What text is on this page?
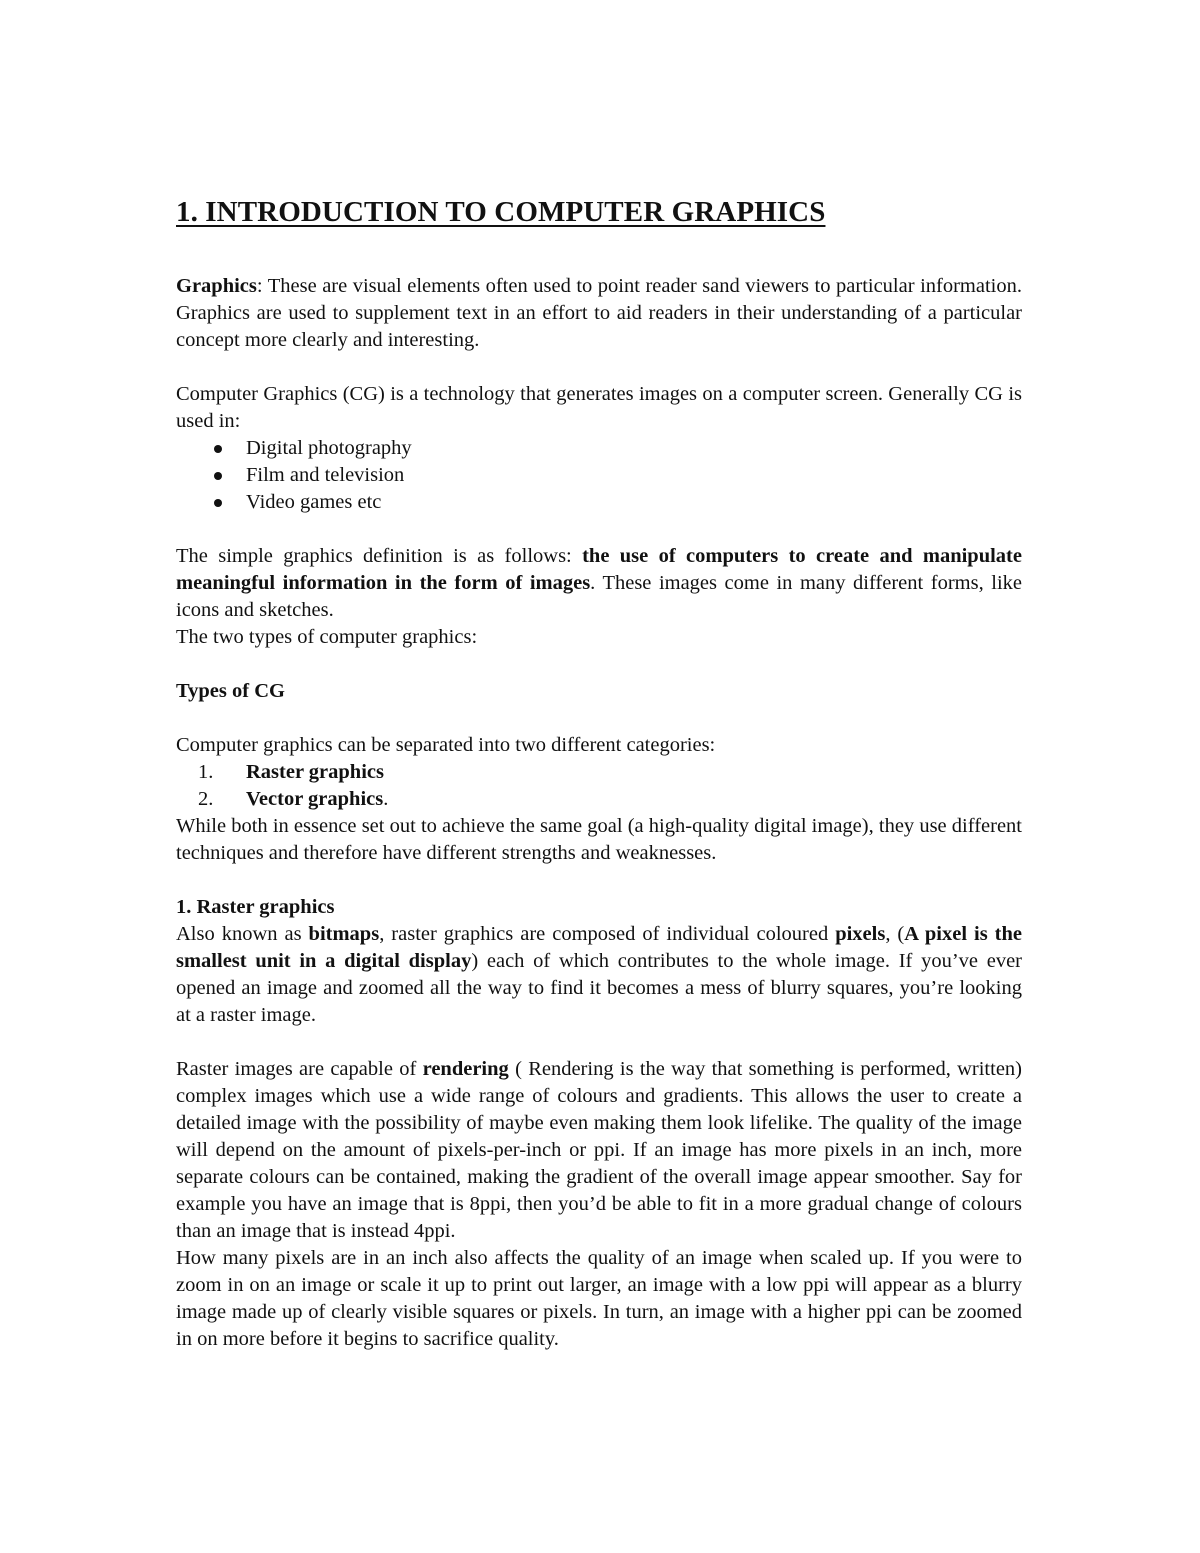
1. INTRODUCTION TO COMPUTER GRAPHICS

Graphics: These are visual elements often used to point reader sand viewers to particular information. Graphics are used to supplement text in an effort to aid readers in their understanding of a particular concept more clearly and interesting.

Computer Graphics (CG) is a technology that generates images on a computer screen. Generally CG is used in:

Digital photography
Film and television
Video games etc

The simple graphics definition is as follows: the use of computers to create and manipulate meaningful information in the form of images. These images come in many different forms, like icons and sketches.

The two types of computer graphics:

Types of CG

Computer graphics can be separated into two different categories:

1. Raster graphics
2. Vector graphics.

While both in essence set out to achieve the same goal (a high-quality digital image), they use different techniques and therefore have different strengths and weaknesses.

1. Raster graphics

Also known as bitmaps, raster graphics are composed of individual coloured pixels, (A pixel is the smallest unit in a digital display) each of which contributes to the whole image. If you’ve ever opened an image and zoomed all the way to find it becomes a mess of blurry squares, you’re looking at a raster image.

Raster images are capable of rendering ( Rendering is the way that something is performed, written) complex images which use a wide range of colours and gradients. This allows the user to create a detailed image with the possibility of maybe even making them look lifelike. The quality of the image will depend on the amount of pixels-per-inch or ppi. If an image has more pixels in an inch, more separate colours can be contained, making the gradient of the overall image appear smoother. Say for example you have an image that is 8ppi, then you’d be able to fit in a more gradual change of colours than an image that is instead 4ppi.

How many pixels are in an inch also affects the quality of an image when scaled up. If you were to zoom in on an image or scale it up to print out larger, an image with a low ppi will appear as a blurry image made up of clearly visible squares or pixels. In turn, an image with a higher ppi can be zoomed in on more before it begins to sacrifice quality.
